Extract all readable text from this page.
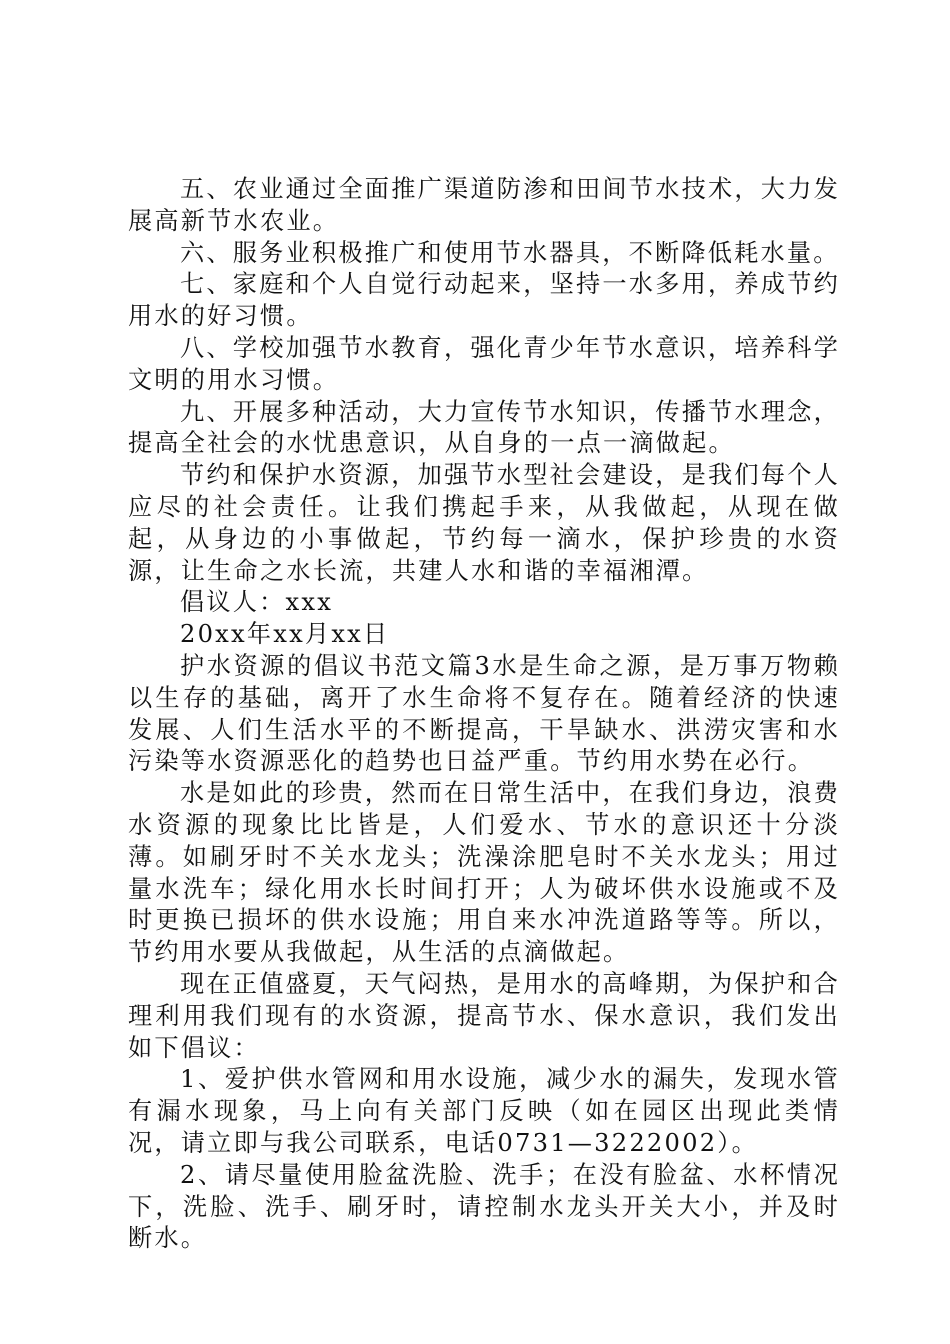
五、农业通过全面推广渠道防渗和田间节水技术，大力发展高新节水农业。

六、服务业积极推广和使用节水器具，不断降低耗水量。

七、家庭和个人自觉行动起来，坚持一水多用，养成节约用水的好习惯。

八、学校加强节水教育，强化青少年节水意识，培养科学文明的用水习惯。

九、开展多种活动，大力宣传节水知识，传播节水理念，提高全社会的水忧患意识，从自身的一点一滴做起。

节约和保护水资源，加强节水型社会建设，是我们每个人应尽的社会责任。让我们携起手来，从我做起，从现在做起，从身边的小事做起，节约每一滴水，保护珍贵的水资源，让生命之水长流，共建人水和谐的幸福湘潭。

倡议人：xxx

20xx年xx月xx日

护水资源的倡议书范文篇3水是生命之源，是万事万物赖以生存的基础，离开了水生命将不复存在。随着经济的快速发展、人们生活水平的不断提高，干旱缺水、洪涝灾害和水污染等水资源恶化的趋势也日益严重。节约用水势在必行。

水是如此的珍贵，然而在日常生活中，在我们身边，浪费水资源的现象比比皆是，人们爱水、节水的意识还十分淡薄。如刷牙时不关水龙头；洗澡涂肥皂时不关水龙头；用过量水洗车；绿化用水长时间打开；人为破坏供水设施或不及时更换已损坏的供水设施；用自来水冲洗道路等等。所以，节约用水要从我做起，从生活的点滴做起。

现在正值盛夏，天气闷热，是用水的高峰期，为保护和合理利用我们现有的水资源，提高节水、保水意识，我们发出如下倡议：

1、爱护供水管网和用水设施，减少水的漏失，发现水管有漏水现象，马上向有关部门反映（如在园区出现此类情况，请立即与我公司联系，电话0731—3222002）。

2、请尽量使用脸盆洗脸、洗手；在没有脸盆、水杯情况下，洗脸、洗手、刷牙时，请控制水龙头开关大小，并及时断水。
